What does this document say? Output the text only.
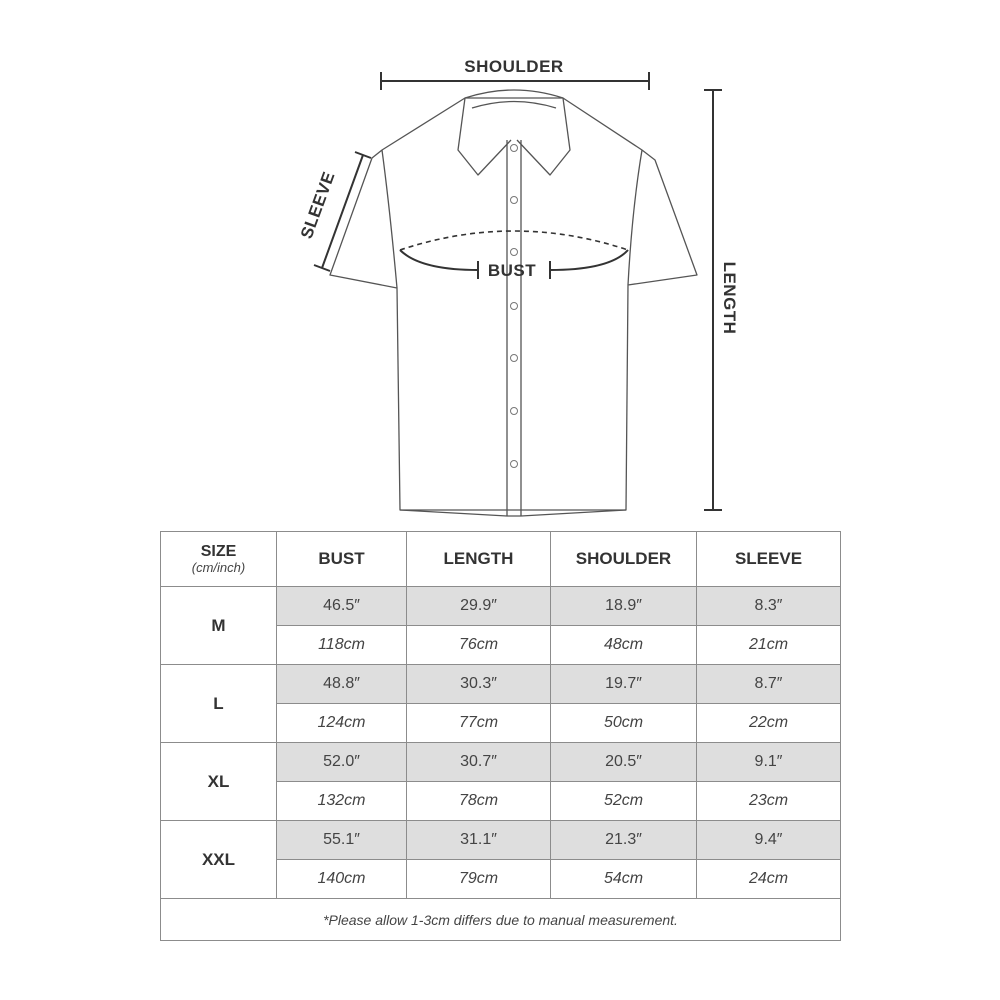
SHOULDER
SLEEVE
BUST	LENGTH
SIZE
(cm/inch)	BUST	LENGTH	SHOULDER	SLEEVE
M	46.5″	29.9″	18.9″	8.3″
	118cm	76cm	48cm	21cm
L	48.8″	30.3″	19.7″	8.7″
	124cm	77cm	50cm	22cm
XL	52.0″	30.7″	20.5″	9.1″
	132cm	78cm	52cm	23cm
XXL	55.1″	31.1″	21.3″	9.4″
	140cm	79cm	54cm	24cm
*Please allow 1-3cm differs due to manual measurement.				
